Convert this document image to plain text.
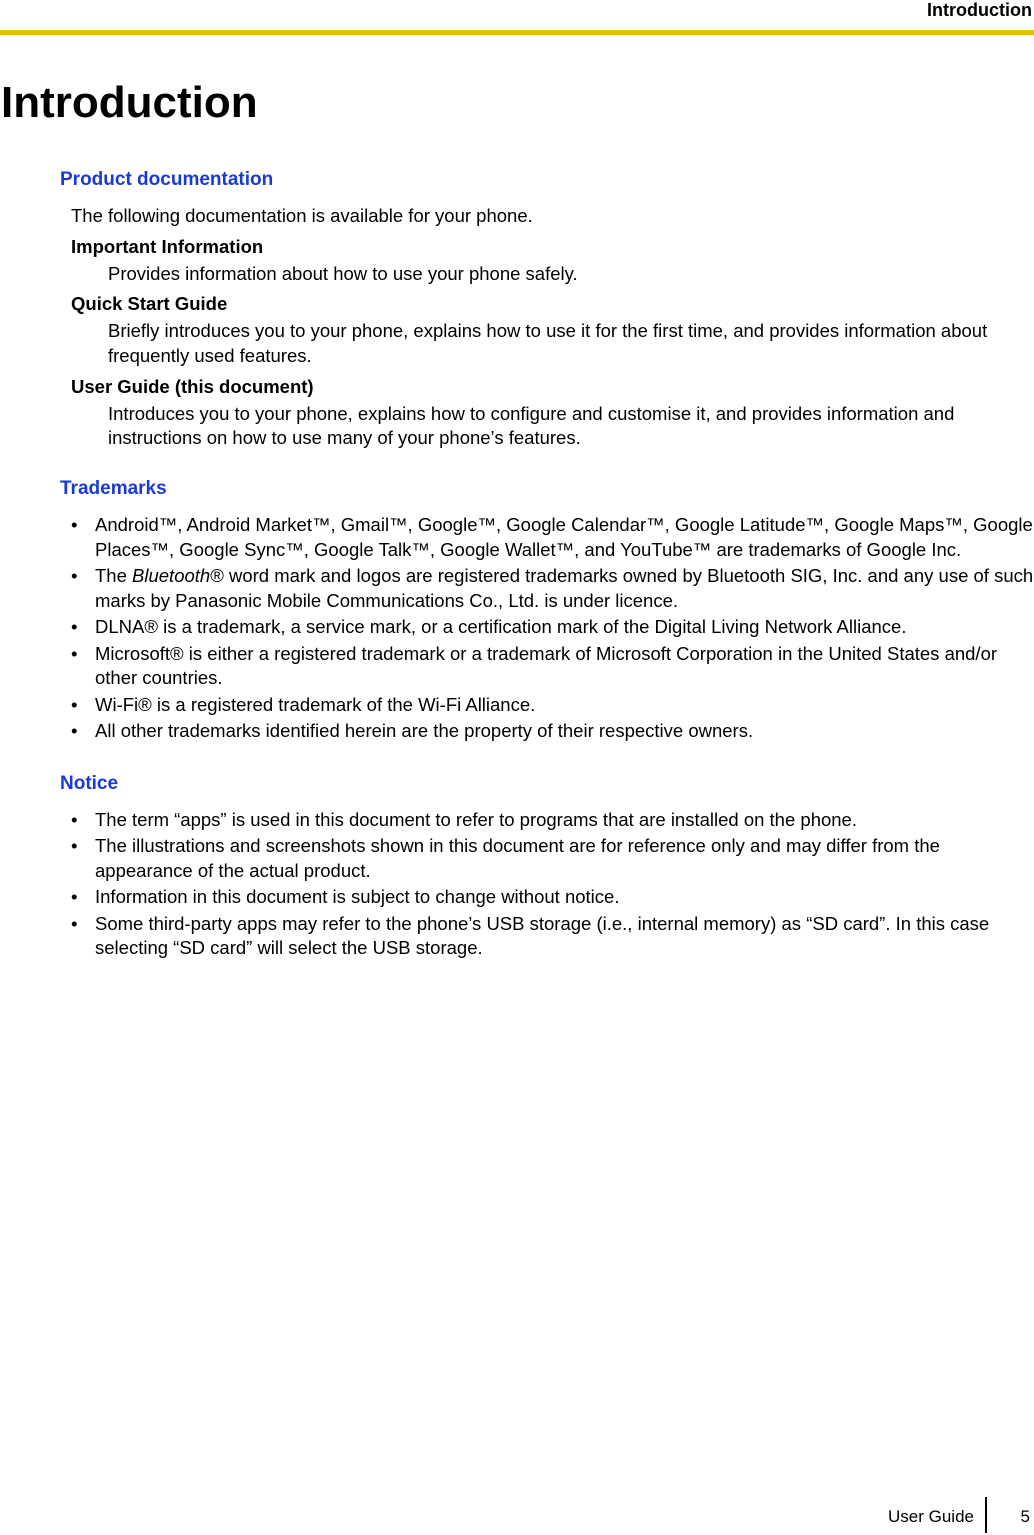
Introduction
Introduction
Product documentation

The following documentation is available for your phone.

Important Information
Provides information about how to use your phone safely.
Quick Start Guide
Briefly introduces you to your phone, explains how to use it for the first time, and provides information about frequently used features.
User Guide (this document)
Introduces you to your phone, explains how to configure and customise it, and provides information and instructions on how to use many of your phone’s features.
Trademarks
• Android™, Android Market™, Gmail™, Google™, Google Calendar™, Google Latitude™, Google Maps™, Google Places™, Google Sync™, Google Talk™, Google Wallet™, and YouTube™ are trademarks of Google Inc.
• The Bluetooth® word mark and logos are registered trademarks owned by Bluetooth SIG, Inc. and any use of such marks by Panasonic Mobile Communications Co., Ltd. is under licence.
• DLNA® is a trademark, a service mark, or a certification mark of the Digital Living Network Alliance.
• Microsoft® is either a registered trademark or a trademark of Microsoft Corporation in the United States and/or other countries.
• Wi-Fi® is a registered trademark of the Wi-Fi Alliance.
• All other trademarks identified herein are the property of their respective owners.
Notice
• The term “apps” is used in this document to refer to programs that are installed on the phone.
• The illustrations and screenshots shown in this document are for reference only and may differ from the appearance of the actual product.
• Information in this document is subject to change without notice.
• Some third-party apps may refer to the phone’s USB storage (i.e., internal memory) as “SD card”. In this case selecting “SD card” will select the USB storage.
User Guide	5
